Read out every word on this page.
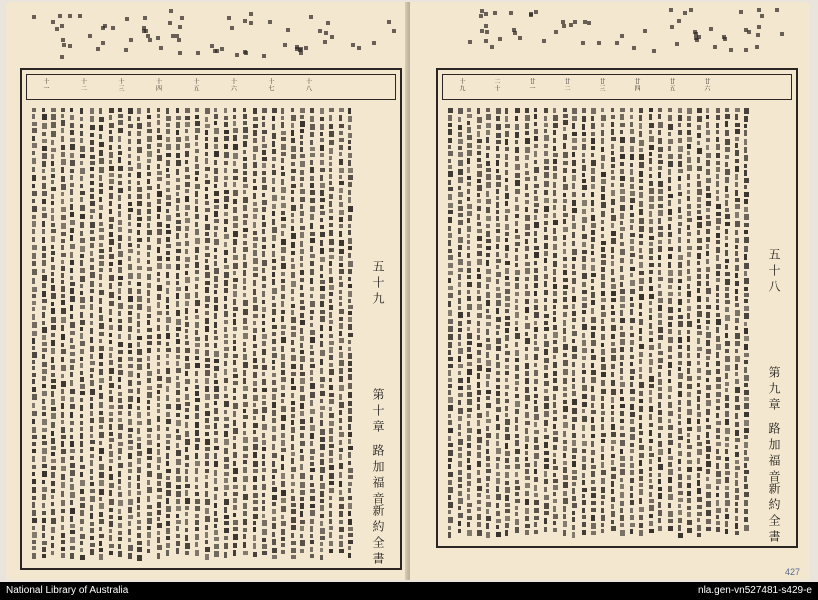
五十九
第十章
路加福音
新約全書
十一	十二	十三	十四	十五	十六	十七	十八
五十八
第九章
路加福音
新約全書
十九	二十	廿一	廿二	廿三	廿四	廿五	廿六
427
National Library of Australia	nla.gen-vn527481-s429-e
